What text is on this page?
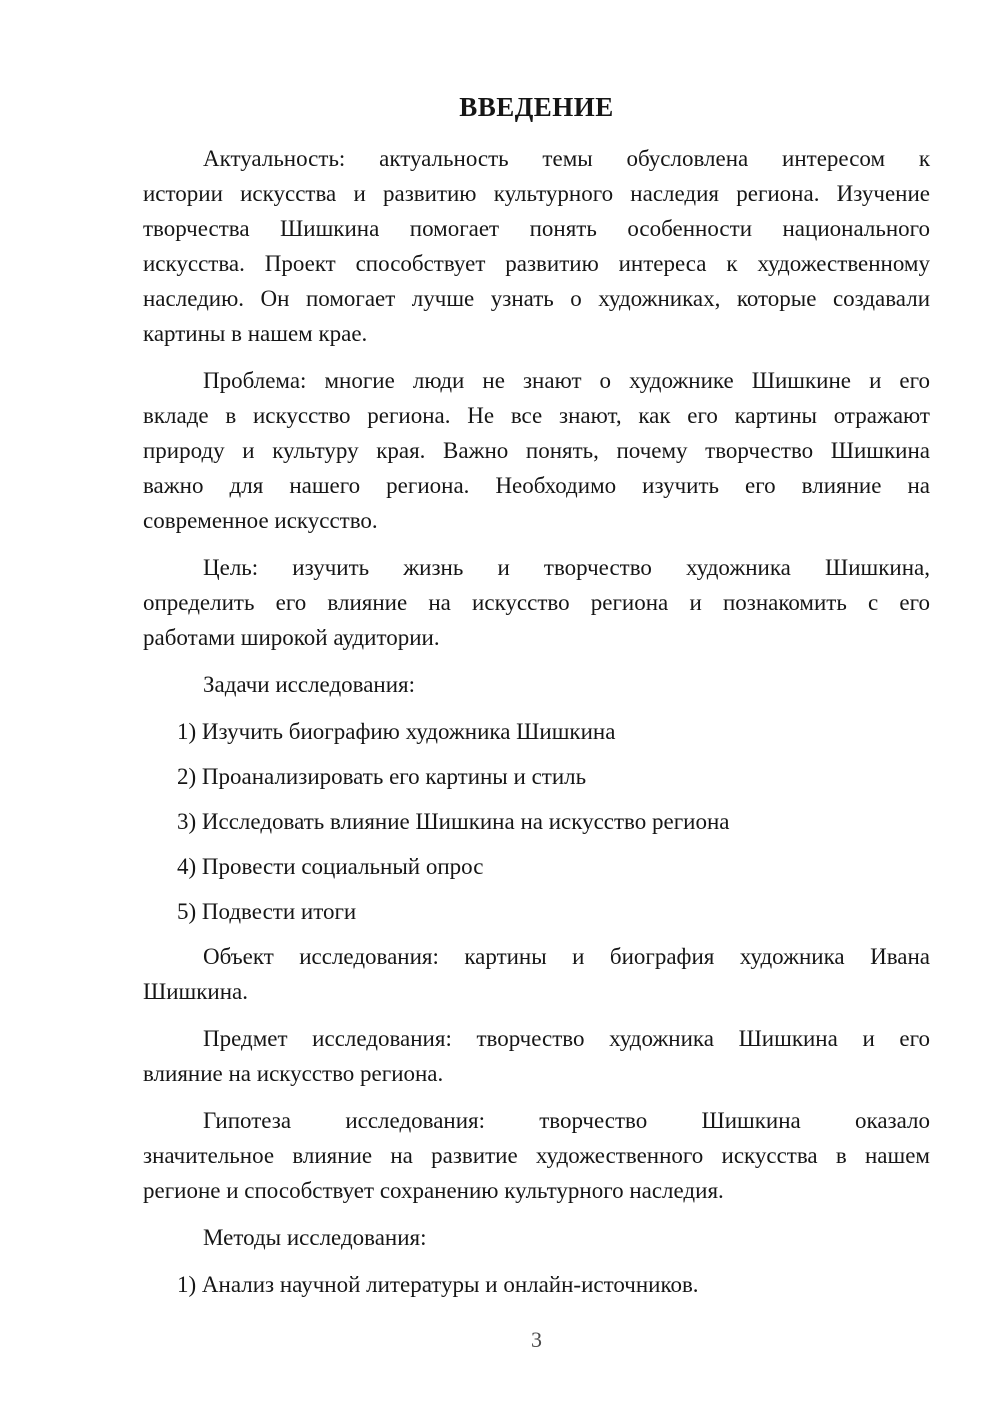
ВВЕДЕНИЕ
Актуальность: актуальность темы обусловлена интересом к
истории искусства и развитию культурного наследия региона. Изучение
творчества Шишкина помогает понять особенности национального
искусства. Проект способствует развитию интереса к художественному
наследию. Он помогает лучше узнать о художниках, которые создавали
картины в нашем крае.
Проблема: многие люди не знают о художнике Шишкине и его
вкладе в искусство региона. Не все знают, как его картины отражают
природу и культуру края. Важно понять, почему творчество Шишкина
важно для нашего региона. Необходимо изучить его влияние на
современное искусство.
Цель: изучить жизнь и творчество художника Шишкина,
определить его влияние на искусство региона и познакомить с его
работами широкой аудитории.
Задачи исследования:
1) Изучить биографию художника Шишкина
2) Проанализировать его картины и стиль
3) Исследовать влияние Шишкина на искусство региона
4) Провести социальный опрос
5) Подвести итоги
Объект исследования: картины и биография художника Ивана
Шишкина.
Предмет исследования: творчество художника Шишкина и его
влияние на искусство региона.
Гипотеза исследования: творчество Шишкина оказало
значительное влияние на развитие художественного искусства в нашем
регионе и способствует сохранению культурного наследия.
Методы исследования:
1) Анализ научной литературы и онлайн-источников.
3
